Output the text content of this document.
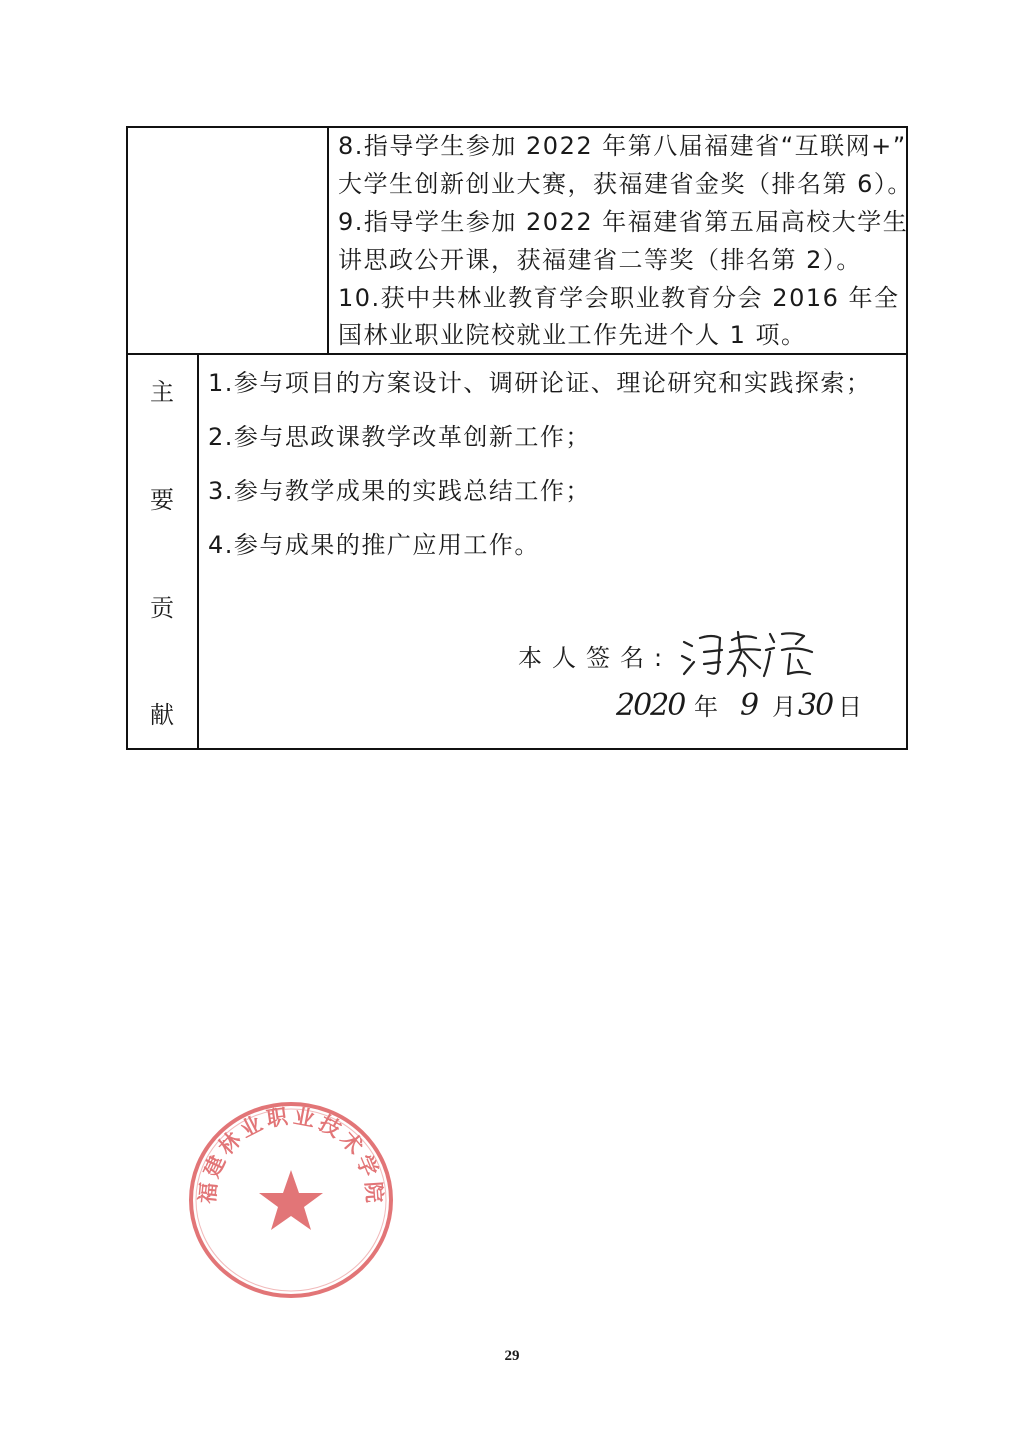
8.指导学生参加 2022 年第八届福建省“互联网+”
大学生创新创业大赛，获福建省金奖（排名第 6）。
9.指导学生参加 2022 年福建省第五届高校大学生
讲思政公开课，获福建省二等奖（排名第 2）。
10.获中共林业教育学会职业教育分会 2016 年全
国林业职业院校就业工作先进个人 1 项。
主
要
贡
献
1.参与项目的方案设计、调研论证、理论研究和实践探索；
2.参与思政课教学改革创新工作；
3.参与教学成果的实践总结工作；
4.参与成果的推广应用工作。
本人签名:
2020 年 9 月 30 日
福建林业职业技术学院
29
